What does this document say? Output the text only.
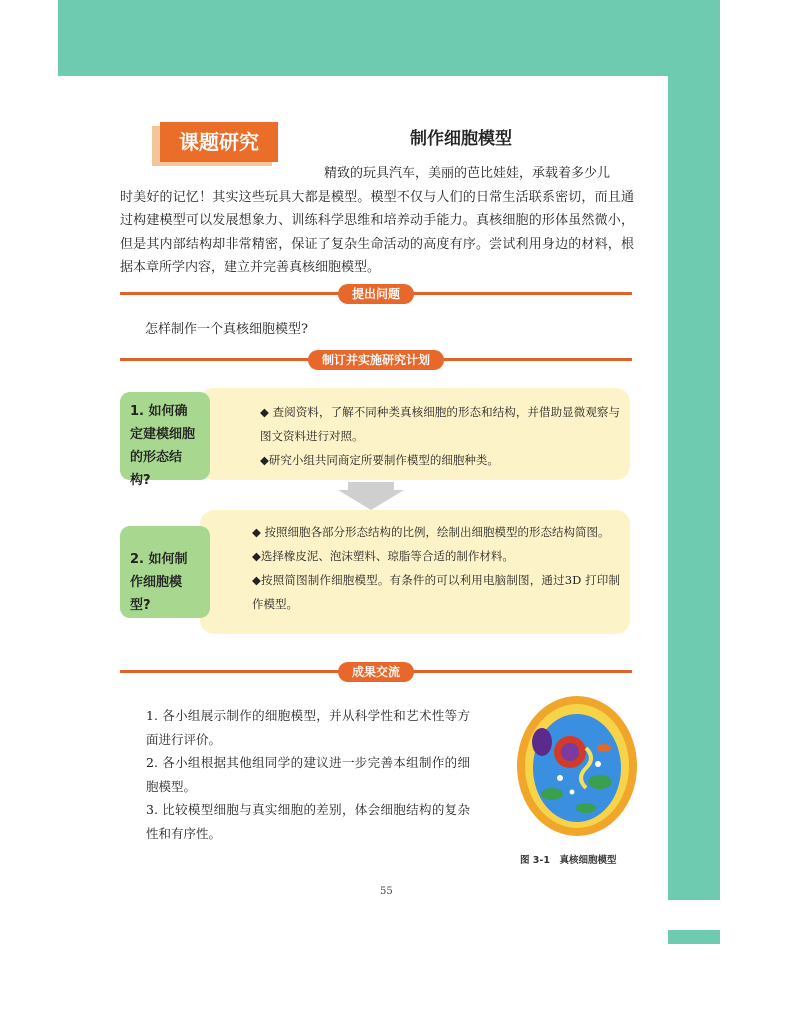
课题研究	制作细胞模型
精致的玩具汽车，美丽的芭比娃娃，承载着多少儿
时美好的记忆！其实这些玩具大都是模型。模型不仅与人们的日常生活联系密切，而且通过构建模型可以发展想象力、训练科学思维和培养动手能力。真核细胞的形体虽然微小，但是其内部结构却非常精密，保证了复杂生命活动的高度有序。尝试利用身边的材料，根据本章所学内容，建立并完善真核细胞模型。
提出问题
怎样制作一个真核细胞模型?
制订并实施研究计划
1. 如何确定建模细胞的形态结构?

◆ 查阅资料，了解不同种类真核细胞的形态和结构，并借助显微观察与图文资料进行对照。

◆研究小组共同商定所要制作模型的细胞种类。

2. 如何制作细胞模型?

◆ 按照细胞各部分形态结构的比例，绘制出细胞模型的形态结构简图。

◆选择橡皮泥、泡沫塑料、琼脂等合适的制作材料。

◆按照简图制作细胞模型。有条件的可以利用电脑制图，通过3D 打印制作模型。

成果交流

1. 各小组展示制作的细胞模型，并从科学性和艺术性等方面进行评价。

2. 各小组根据其他组同学的建议进一步完善本组制作的细胞模型。

3. 比较模型细胞与真实细胞的差别，体会细胞结构的复杂性和有序性。

图 3-1　真核细胞模型
55
